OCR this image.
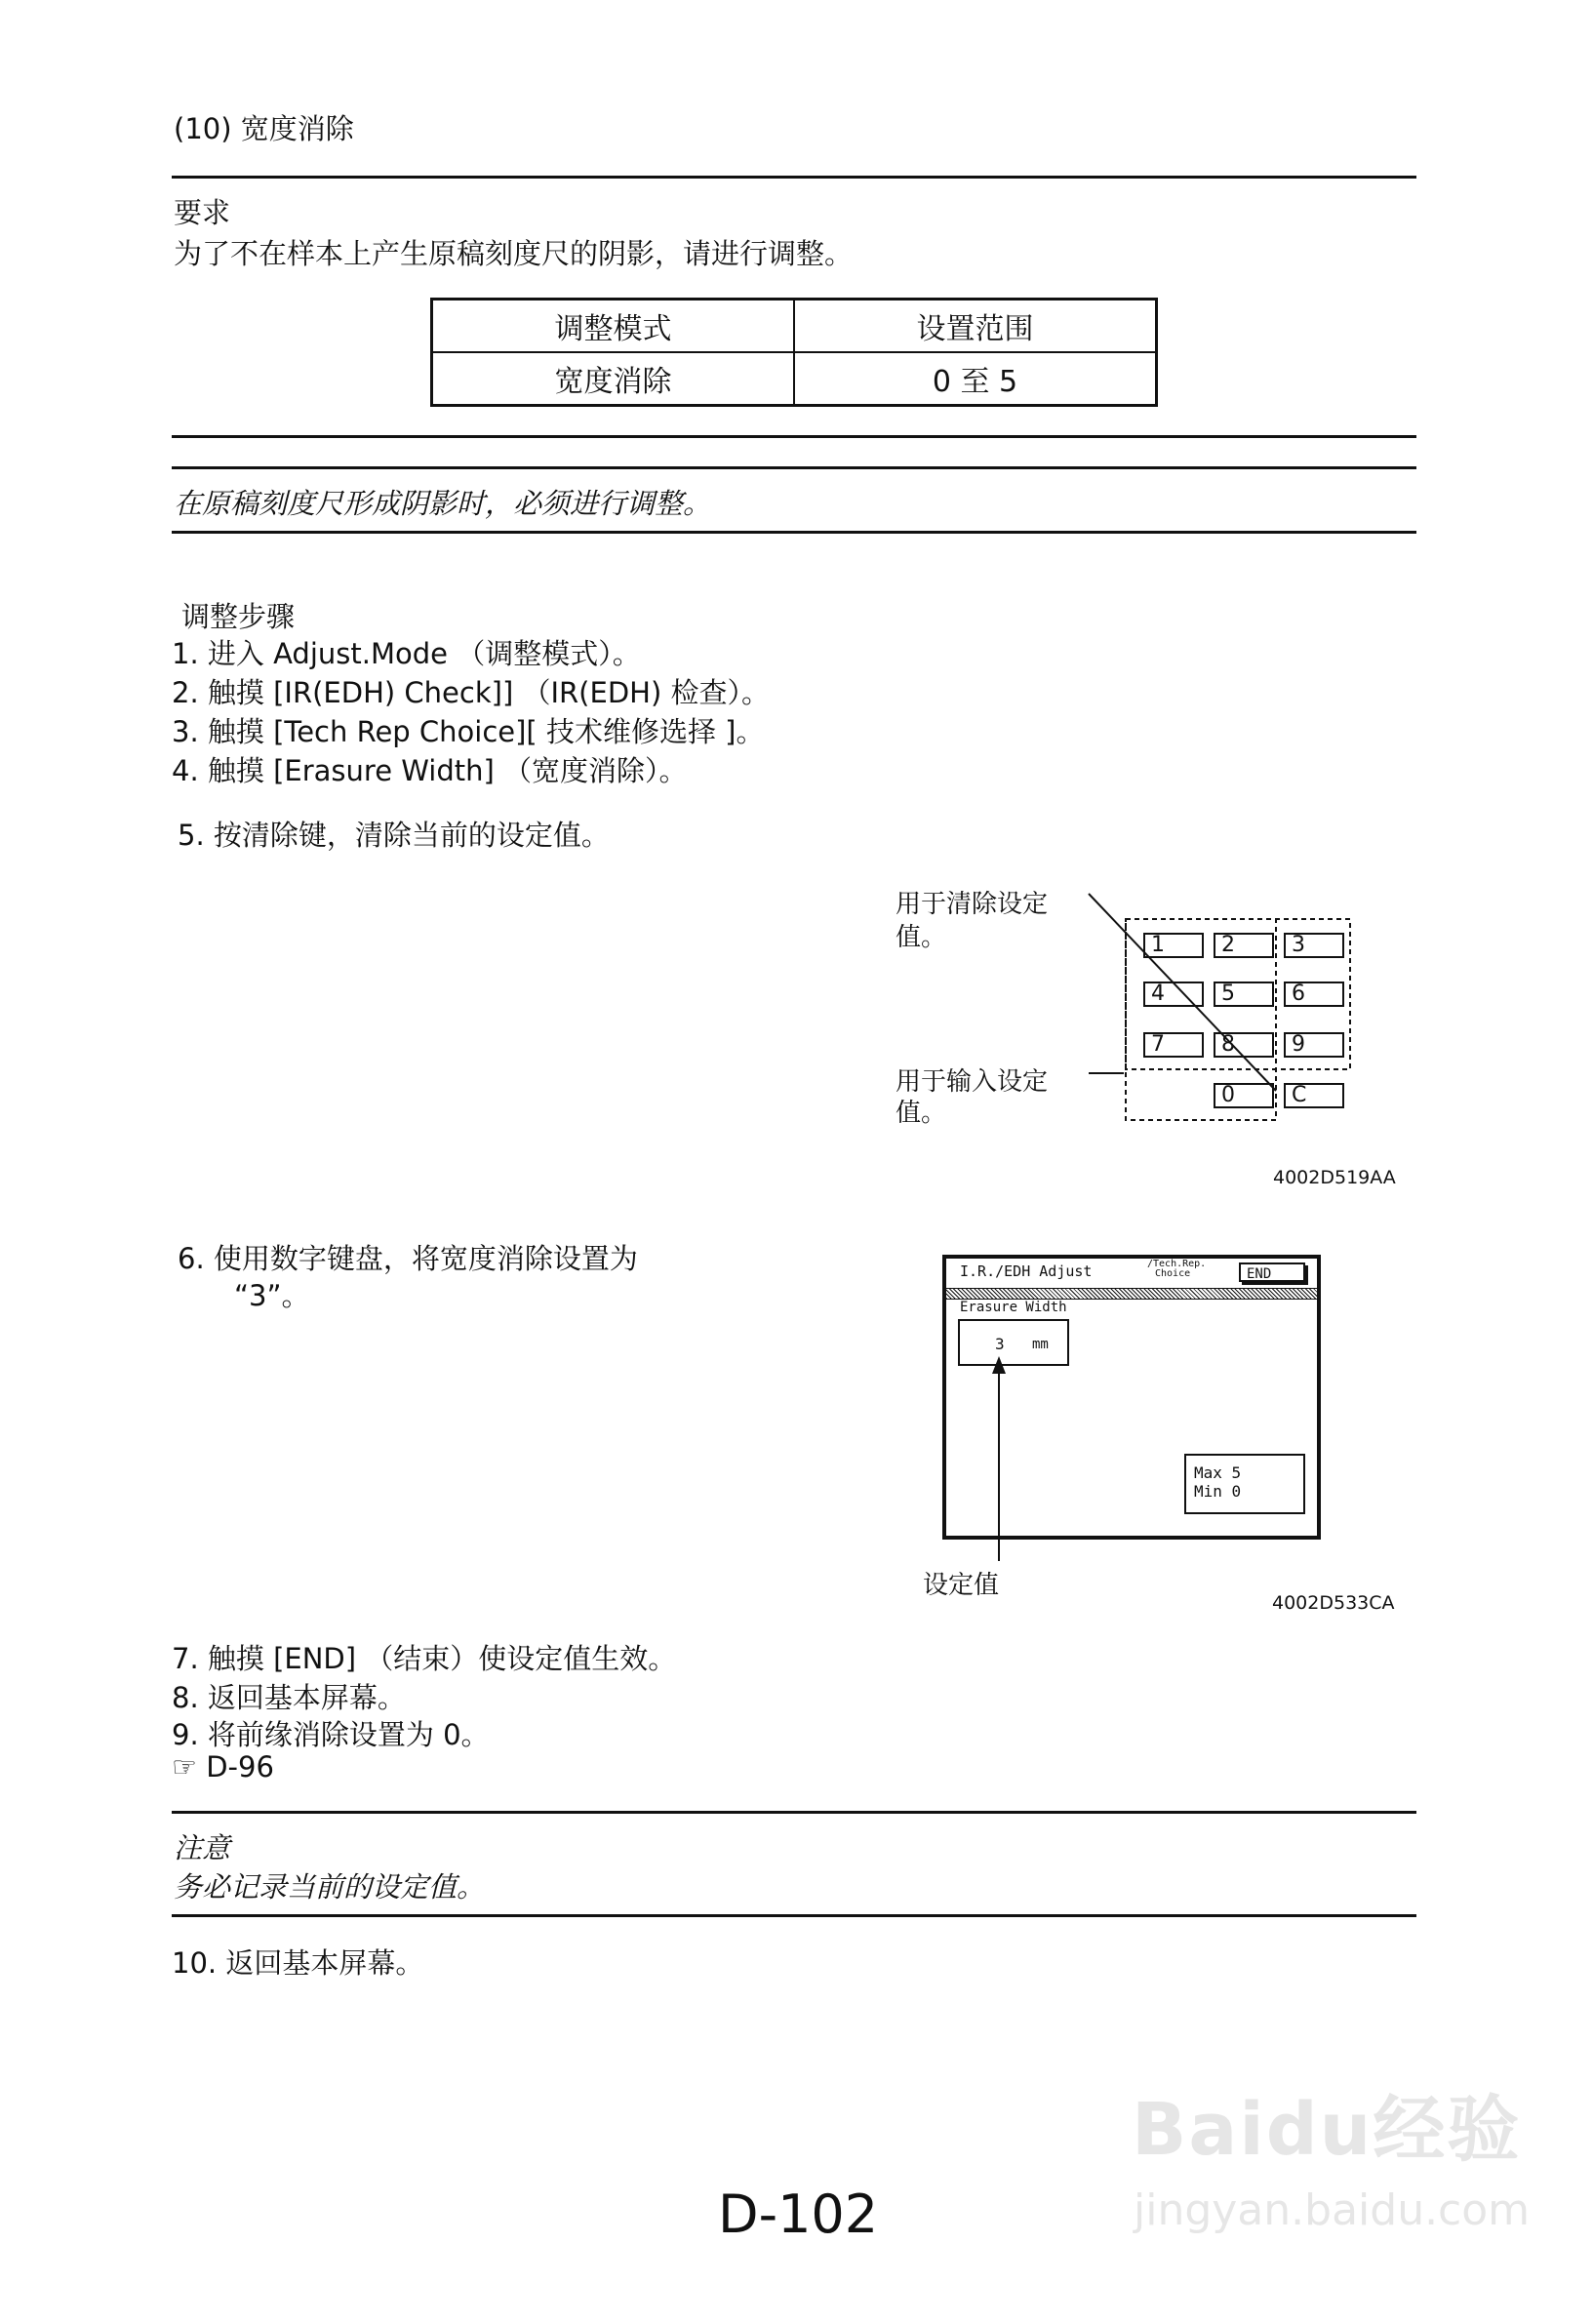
(10) 宽度消除
要求
为了不在样本上产生原稿刻度尺的阴影，请进行调整。
调整模式	设置范围
宽度消除	0 至 5
在原稿刻度尺形成阴影时，必须进行调整。
调整步骤
1. 进入 Adjust.Mode （调整模式）。
2. 触摸 [IR(EDH) Check]] （IR(EDH) 检查）。
3. 触摸 [Tech Rep Choice][ 技术维修选择 ]。
4. 触摸 [Erasure Width] （宽度消除）。
5. 按清除键，清除当前的设定值。
用于清除设定
值。
用于输入设定
值。
1	2	3
4	5	6
7	8	9
0	C
4002D519AA
6. 使用数字键盘，将宽度消除设置为
“3”。
I.R./EDH Adjust	/Tech.Rep.
Choice	END
Erasure Width
3 mm
Max 5
Min 0
设定值
4002D533CA
7. 触摸 [END] （结束）使设定值生效。
8. 返回基本屏幕。
9. 将前缘消除设置为 0。
☞ D-96
注意
务必记录当前的设定值。
10. 返回基本屏幕。
D-102
Baidu经验
jingyan.baidu.com
